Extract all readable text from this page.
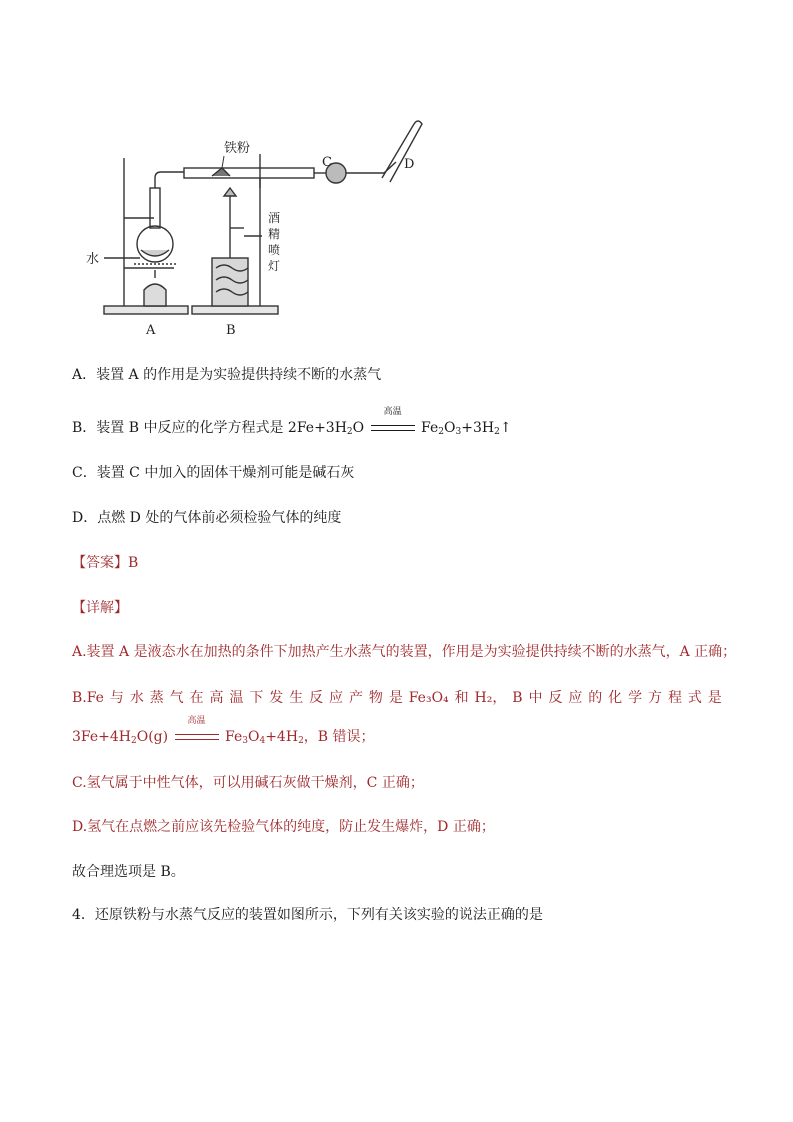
铁粉
水
C	D
A	B
酒
精
喷
灯
A．装置 A 的作用是为实验提供持续不断的水蒸气
B．装置 B 中反应的化学方程式是 $2Fe+3H_2O$
高温
$Fe_2O_3+3H_2↑$
C．装置 C 中加入的固体干燥剂可能是碱石灰
D．点燃 D 处的气体前必须检验气体的纯度
【答案】B
【详解】
A.装置 A 是液态水在加热的条件下加热产生水蒸气的装置，作用是为实验提供持续不断的水蒸气，A 正确；
B.Fe 与 水 蒸 气 在 高 温 下 发 生 反 应 产 物 是 Fe₃O₄ 和 H₂， B 中 反 应 的 化 学 方 程 式 是
$3Fe+4H_2O(g)$
高温
$Fe_3O_4+4H_2$，B 错误；
C.氢气属于中性气体，可以用碱石灰做干燥剂，C 正确；
D.氢气在点燃之前应该先检验气体的纯度，防止发生爆炸，D 正确；
故合理选项是 B。
4．还原铁粉与水蒸气反应的装置如图所示，下列有关该实验的说法正确的是
